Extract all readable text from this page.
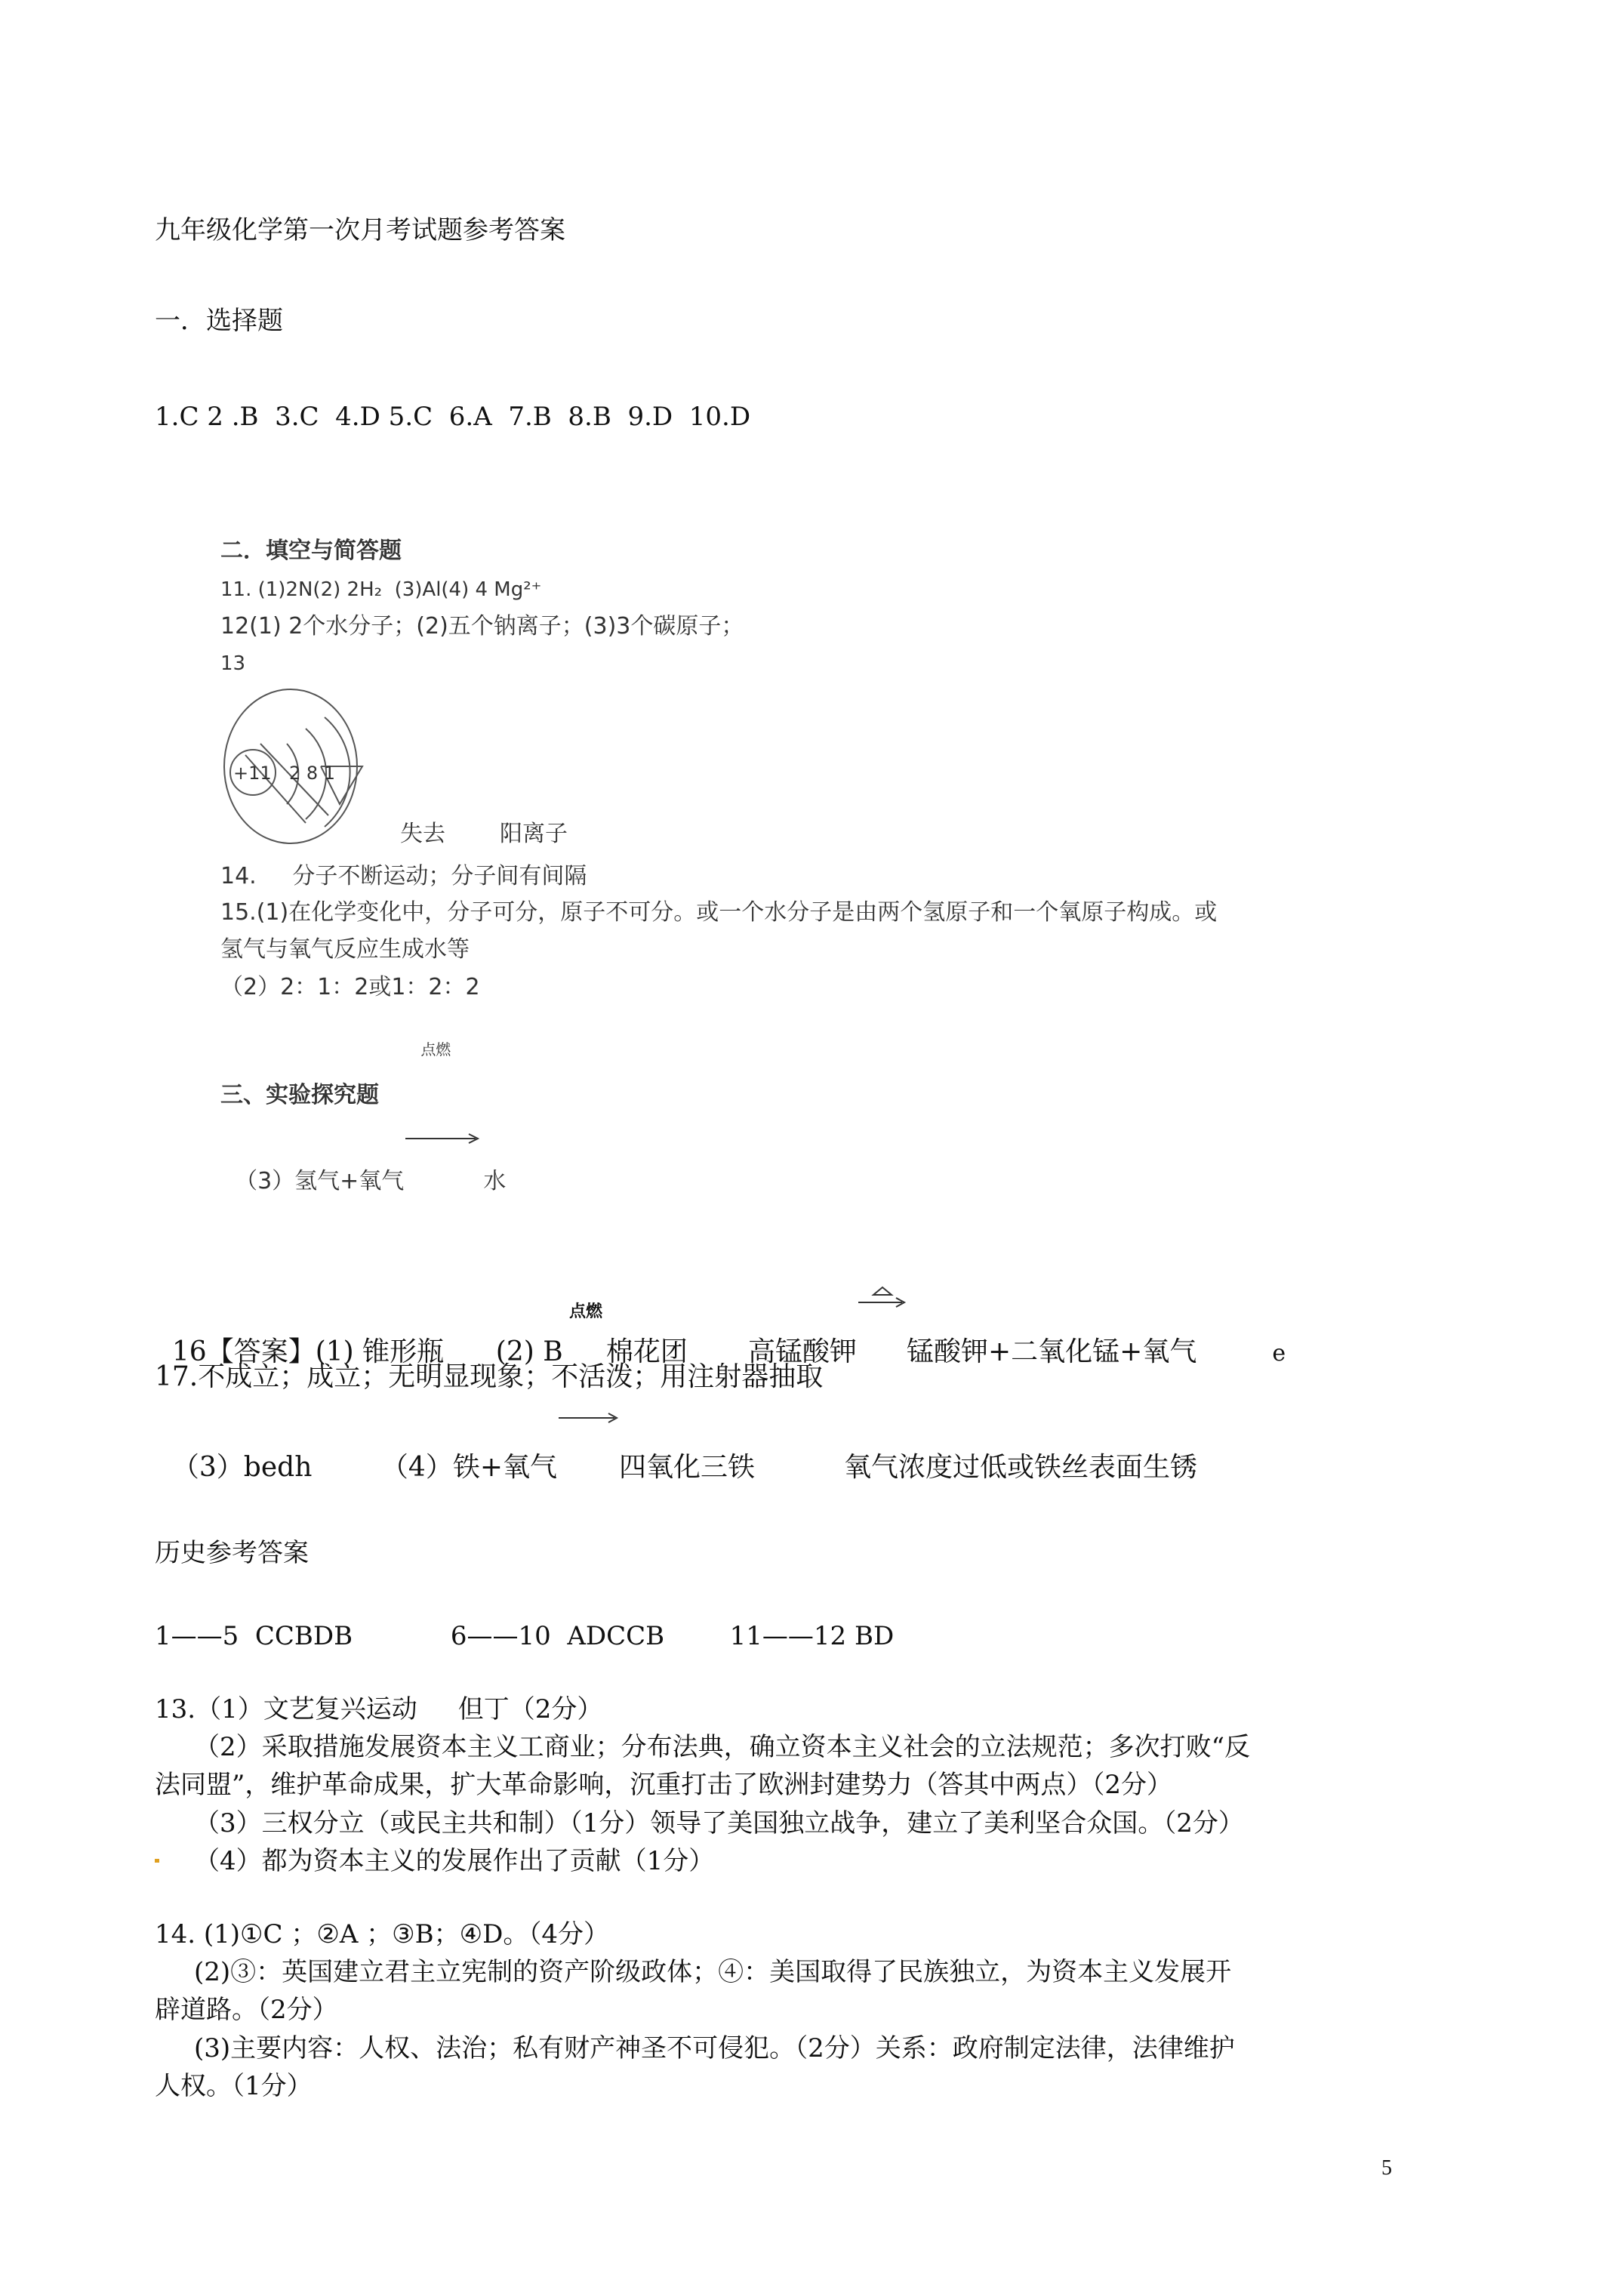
九年级化学第一次月考试题参考答案
一．选择题
1.C 2 .B  3.C  4.D 5.C  6.A  7.B  8.B  9.D  10.D
二．填空与简答题
11. (1)2N(2) 2H₂  (3)Al(4) 4 Mg²⁺
12(1) 2个水分子；(2)五个钠离子；(3)3个碳原子；
13
+11 2 8 1
失去 阳离子
14.     分子不断运动；分子间有间隔
15.(1)在化学变化中，分子可分，原子不可分。或一个水分子是由两个氢原子和一个氧原子构成。或
氢气与氧气反应生成水等
（2）2：1：2或1：2：2

（3）氢气+氧气

点燃

水

三、实验探究题

16【答案】(1) 锥形瓶      (2) B     棉花团       高锰酸钾
锰酸钾+二氧化锰+氧气	e

（3）bedh        （4）铁+氧气

点燃

四氧化三铁	氧气浓度过低或铁丝表面生锈

17.不成立；成立；无明显现象；不活泼；用注射器抽取
历史参考答案
1——5  CCBDB            6——10  ADCCB        11——12 BD
13.（1）文艺复兴运动     但丁（2分）
（2）采取措施发展资本主义工商业；分布法典，确立资本主义社会的立法规范；多次打败“反
法同盟”，维护革命成果，扩大革命影响，沉重打击了欧洲封建势力（答其中两点）（2分）
（3）三权分立（或民主共和制）（1分）领导了美国独立战争，建立了美利坚合众国。（2分）
（4）都为资本主义的发展作出了贡献（1分）
14. (1)①C ；②A ；③B；④D。（4分）
(2)③：英国建立君主立宪制的资产阶级政体；④：美国取得了民族独立，为资本主义发展开
辟道路。（2分）
(3)主要内容：人权、法治；私有财产神圣不可侵犯。（2分）关系：政府制定法律，法律维护
人权。（1分）
5
